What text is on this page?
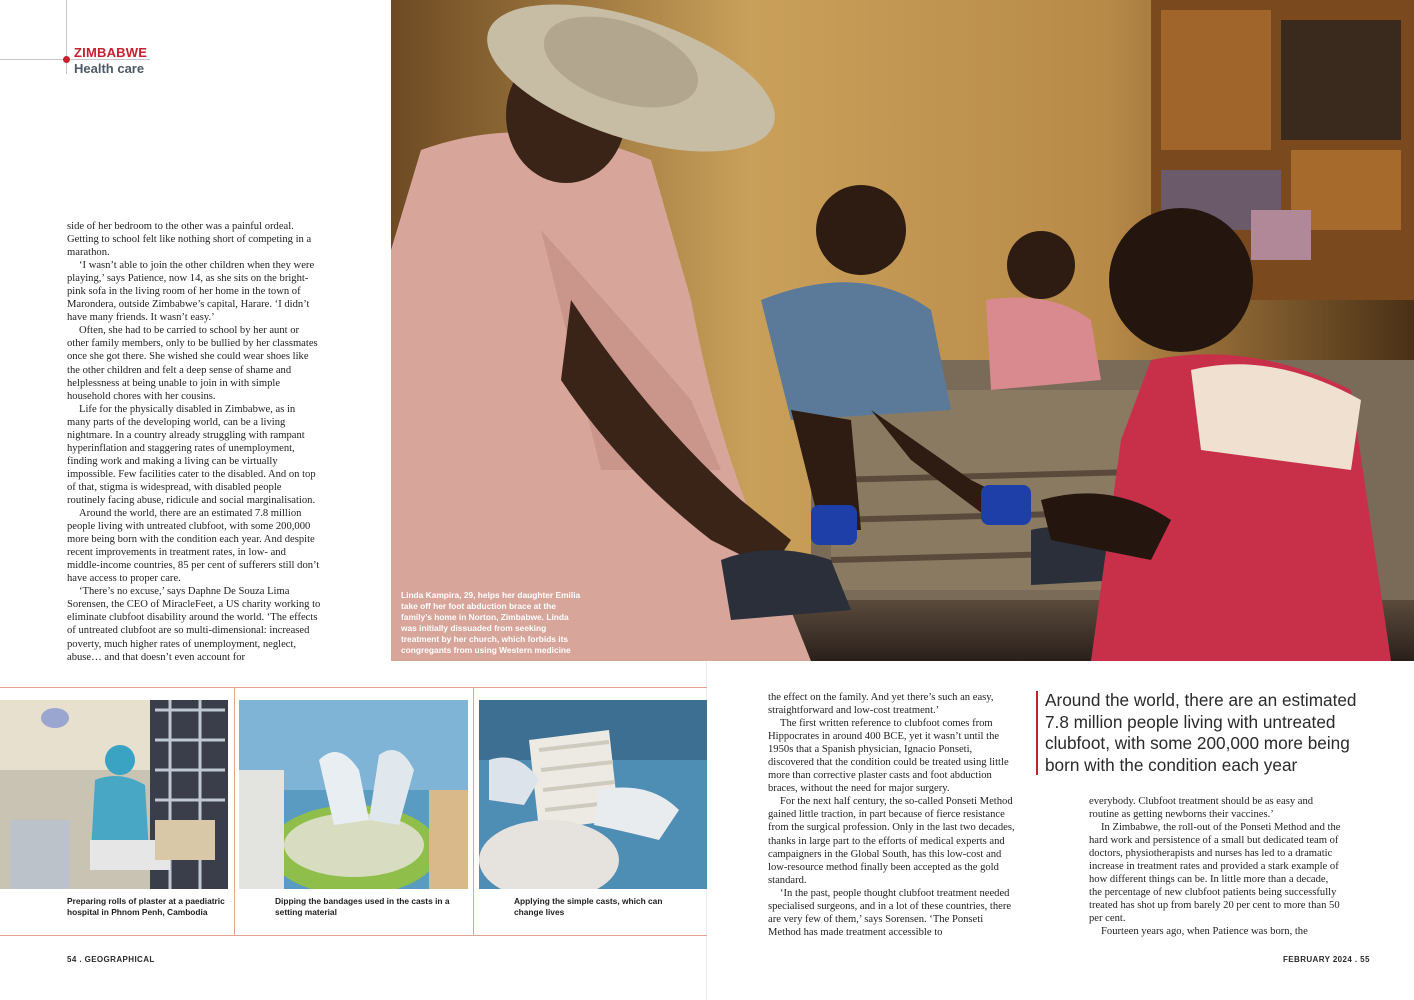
ZIMBABWE
Health care

side of her bedroom to the other was a painful ordeal. Getting to school felt like nothing short of competing in a marathon.

‘I wasn’t able to join the other children when they were playing,’ says Patience, now 14, as she sits on the bright-pink sofa in the living room of her home in the town of Marondera, outside Zimbabwe’s capital, Harare. ‘I didn’t have many friends. It wasn’t easy.’

Often, she had to be carried to school by her aunt or other family members, only to be bullied by her classmates once she got there. She wished she could wear shoes like the other children and felt a deep sense of shame and helplessness at being unable to join in with simple household chores with her cousins.

Life for the physically disabled in Zimbabwe, as in many parts of the developing world, can be a living nightmare. In a country already struggling with rampant hyperinflation and staggering rates of unemployment, finding work and making a living can be virtually impossible. Few facilities cater to the disabled. And on top of that, stigma is widespread, with disabled people routinely facing abuse, ridicule and social marginalisation.

Around the world, there are an estimated 7.8 million people living with untreated clubfoot, with some 200,000 more being born with the condition each year. And despite recent improvements in treatment rates, in low- and middle-income countries, 85 per cent of sufferers still don’t have access to proper care.

‘There’s no excuse,’ says Daphne De Souza Lima Sorensen, the CEO of MiracleFeet, a US charity working to eliminate clubfoot disability around the world. ‘The effects of untreated clubfoot are so multi-dimensional: increased poverty, much higher rates of unemployment, neglect, abuse… and that doesn’t even account for

Linda Kampira, 29, helps her daughter Emilia take off her foot abduction brace at the family’s home in Norton, Zimbabwe. Linda was initially dissuaded from seeking treatment by her church, which forbids its congregants from using Western medicine
Preparing rolls of plaster at a paediatric hospital in Phnom Penh, Cambodia
Dipping the bandages used in the casts in a setting material
Applying the simple casts, which can change lives

the effect on the family. And yet there’s such an easy, straightforward and low-cost treatment.’

The first written reference to clubfoot comes from Hippocrates in around 400 BCE, yet it wasn’t until the 1950s that a Spanish physician, Ignacio Ponseti, discovered that the condition could be treated using little more than corrective plaster casts and foot abduction braces, without the need for major surgery.

For the next half century, the so-called Ponseti Method gained little traction, in part because of fierce resistance from the surgical profession. Only in the last two decades, thanks in large part to the efforts of medical experts and campaigners in the Global South, has this low-cost and low-resource method finally been accepted as the gold standard.

‘In the past, people thought clubfoot treatment needed specialised surgeons, and in a lot of these countries, there are very few of them,’ says Sorensen. ‘The Ponseti Method has made treatment accessible to

Around the world, there are an estimated 7.8 million people living with untreated clubfoot, with some 200,000 more being born with the condition each year

everybody. Clubfoot treatment should be as easy and routine as getting newborns their vaccines.’

In Zimbabwe, the roll-out of the Ponseti Method and the hard work and persistence of a small but dedicated team of doctors, physiotherapists and nurses has led to a dramatic increase in treatment rates and provided a stark example of how different things can be. In little more than a decade, the percentage of new clubfoot patients being successfully treated has shot up from barely 20 per cent to more than 50 per cent.

Fourteen years ago, when Patience was born, the

54 . GEOGRAPHICAL	FEBRUARY 2024 . 55
